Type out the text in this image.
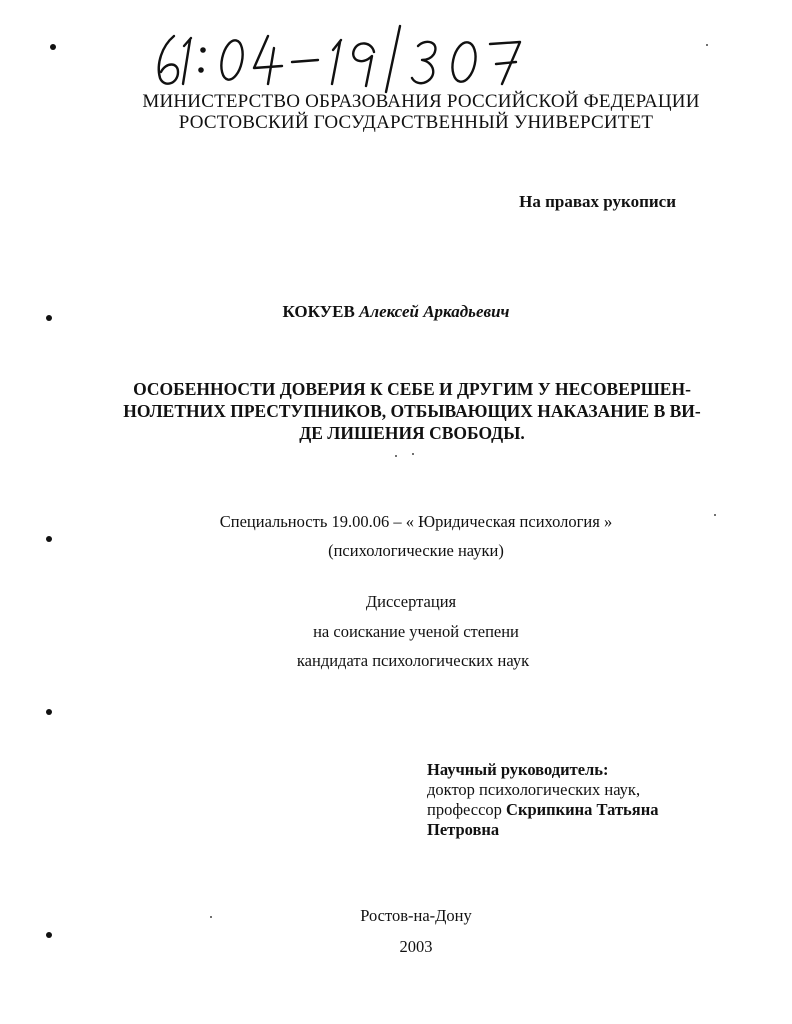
МИНИСТЕРСТВО ОБРАЗОВАНИЯ РОССИЙСКОЙ ФЕДЕРАЦИИ
РОСТОВСКИЙ ГОСУДАРСТВЕННЫЙ УНИВЕРСИТЕТ
На правах рукописи
КОКУЕВ Алексей Аркадьевич
ОСОБЕННОСТИ ДОВЕРИЯ К СЕБЕ И ДРУГИМ У НЕСОВЕРШЕН-
НОЛЕТНИХ ПРЕСТУПНИКОВ, ОТБЫВАЮЩИХ НАКАЗАНИЕ В ВИ-
ДЕ ЛИШЕНИЯ СВОБОДЫ.
Специальность 19.00.06 – « Юридическая психология »
(психологические науки)
Диссертация
на соискание ученой степени
кандидата психологических наук
Научный руководитель:
доктор психологических наук,
профессор Скрипкина Татьяна
Петровна
Ростов-на-Дону
2003
